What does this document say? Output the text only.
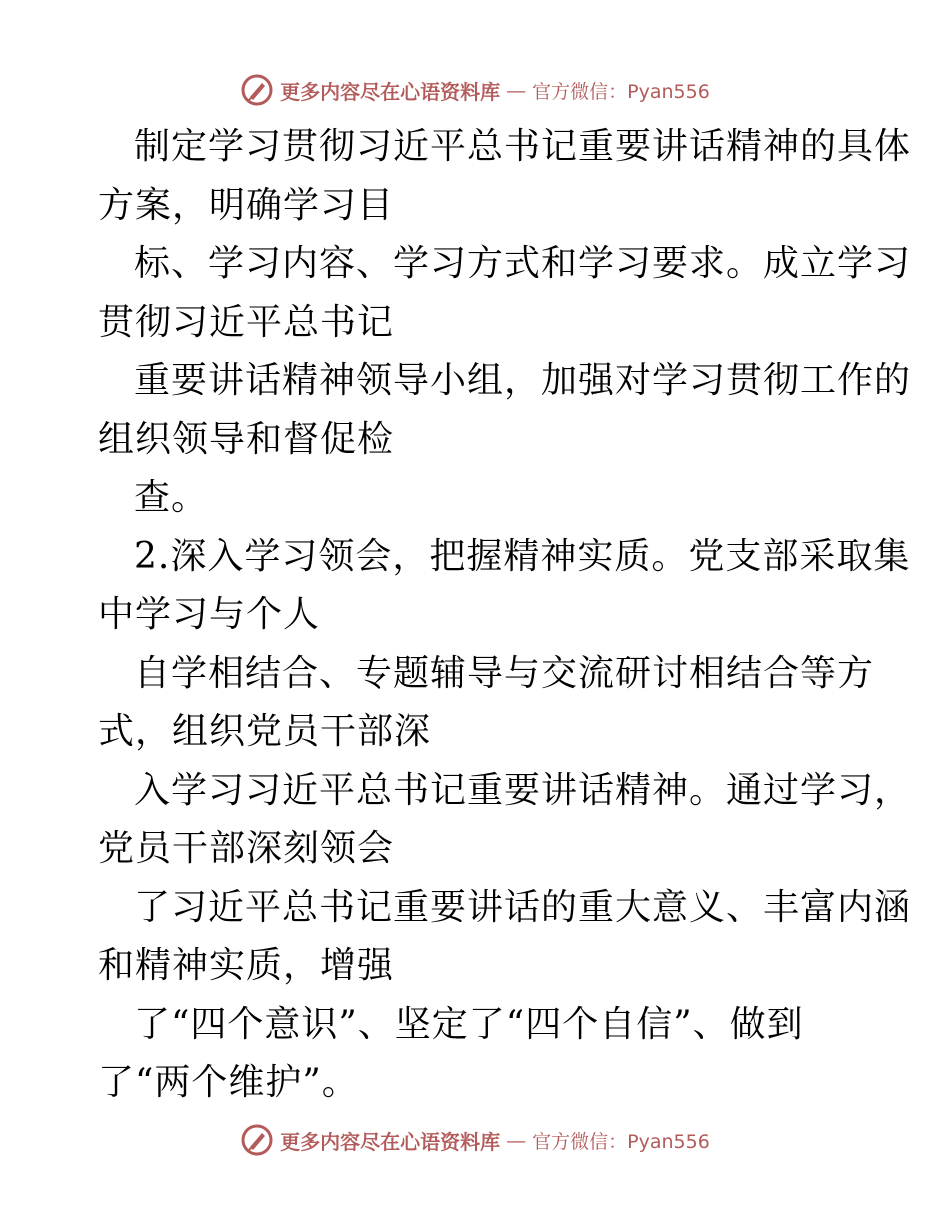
更多内容尽在心语资料库 — 官方微信：Pyan556
制定学习贯彻习近平总书记重要讲话精神的具体
方案，明确学习目
标、学习内容、学习方式和学习要求。成立学习
贯彻习近平总书记
重要讲话精神领导小组，加强对学习贯彻工作的
组织领导和督促检
查。
2.深入学习领会，把握精神实质。党支部采取集
中学习与个人
自学相结合、专题辅导与交流研讨相结合等方
式，组织党员干部深
入学习习近平总书记重要讲话精神。通过学习，
党员干部深刻领会
了习近平总书记重要讲话的重大意义、丰富内涵
和精神实质，增强
了“四个意识”、坚定了“四个自信”、做到
了“两个维护”。
更多内容尽在心语资料库 — 官方微信：Pyan556
